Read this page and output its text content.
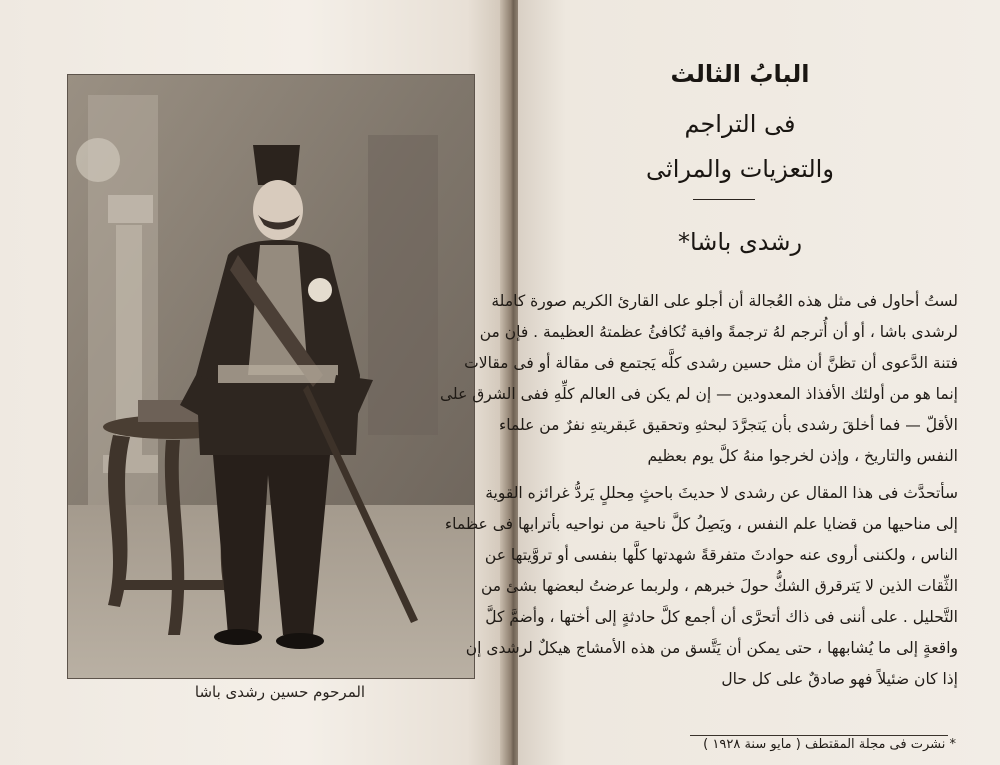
المرحوم حسين رشدى باشا
البابُ الثالث
فى التراجم
والتعزيات والمراثى
رشدى باشا*
لستُ أحاول فى مثل هذه العُجالة أن أجلو على القارئ الكريم صورة كاملة
لرشدى باشا ، أو أن أُترجم لهُ ترجمةً وافية تُكافئُ عظمتهُ العظيمة . فإن من
فتنة الدَّعوى أن تظنَّ أن مثل حسين رشدى كلَّه يَجتمع فى مقالة أو فى مقالات
إنما هو من أولئك الأفذاذ المعدودين — إن لم يكن فى العالم كلِّهِ ففى الشرق على
الأقلّ — فما أخلقَ رشدى بأن يَتجرَّدَ لبحثهِ وتحقيق عَبقريتهِ نفرٌ من علماء
النفس والتاريخ ، وإذن لخرجوا منهُ كلَّ يوم بعظيم
سأتحدَّث فى هذا المقال عن رشدى لا حديثَ باحثٍ مِحللٍ يَردُّ غرائزه القوية
إلى مناحيها من قضايا علم النفس ، ويَصِلُ كلَّ ناحية من نواحيه بأترابها فى عظماء
الناس ، ولكننى أروى عنه حوادثَ متفرقةً شهدتها كلَّها بنفسى أو تروَّيتها عن
الثِّقات الذين لا يَترقرق الشكُّ حولَ خبرهم ، ولربما عرضتُ لبعضها بشئ من
التَّحليل . على أننى فى ذاك أتحرَّى أن أجمع كلَّ حادثةٍ إلى أختها ، وأضمَّ كلَّ
واقعةٍ إلى ما يُشابهها ، حتى يمكن أن يَتَّسق من هذه الأمشاج هيكلٌ لرشدى إن
إذا كان ضئيلاً فهو صادقٌ على كل حال
* نشرت فى مجلة المقتطف ( مايو سنة ١٩٢٨ )
